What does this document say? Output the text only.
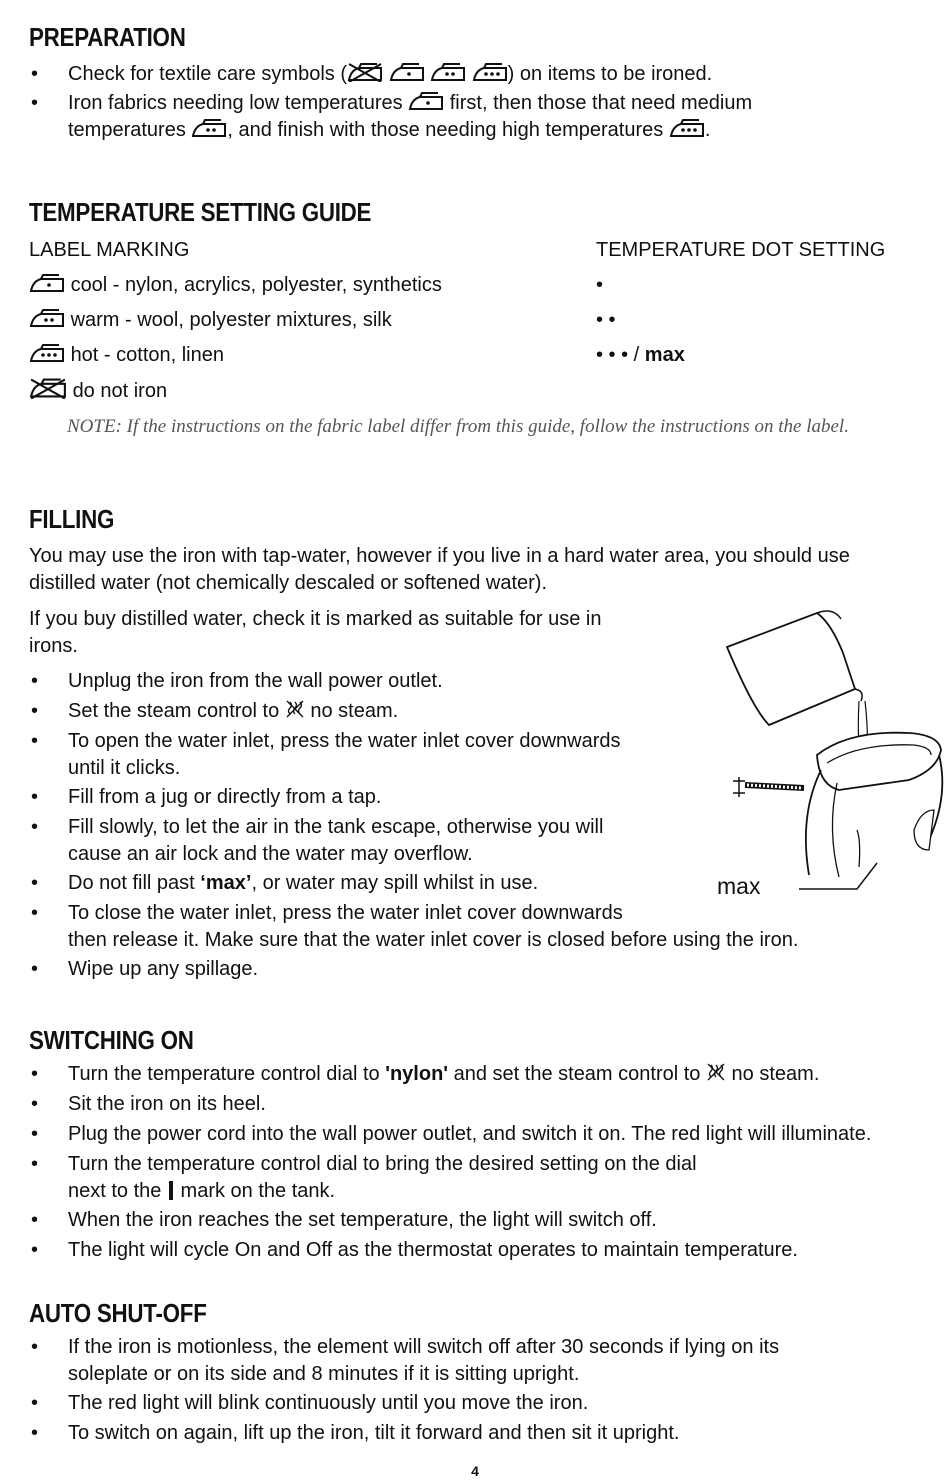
PREPARATION
• Check for textile care symbols (

	) on items to be ironed.
• Iron fabrics needing low temperatures first, then those that need medium
temperatures , and finish with those needing high temperatures .
TEMPERATURE SETTING GUIDE

LABEL MARKING	TEMPERATURE DOT SETTING

cool - nylon, acrylics, polyester, synthetics	•

warm - wool, polyester mixtures, silk	• •

hot - cotton, linen	• • • / max

do not iron

NOTE: If the instructions on the fabric label differ from this guide, follow the instructions on the label.

FILLING

You may use the iron with tap-water, however if you live in a hard water area, you should use
distilled water (not chemically descaled or softened water).

If you buy distilled water, check it is marked as suitable for use in
irons.

• Unplug the iron from the wall power outlet.
• Set the steam control to no steam.
• To open the water inlet, press the water inlet cover downwards
until it clicks.
• Fill from a jug or directly from a tap.
• Fill slowly, to let the air in the tank escape, otherwise you will
cause an air lock and the water may overflow.
• Do not fill past ‘max’, or water may spill whilst in use.
• To close the water inlet, press the water inlet cover downwards
then release it. Make sure that the water inlet cover is closed before using the iron.
• Wipe up any spillage.

max

SWITCHING ON
• Turn the temperature control dial to 'nylon' and set the steam control to no steam.
• Sit the iron on its heel.
• Plug the power cord into the wall power outlet, and switch it on. The red light will illuminate.
• Turn the temperature control dial to bring the desired setting on the dial
next to the mark on the tank.
• When the iron reaches the set temperature, the light will switch off.
• The light will cycle On and Off as the thermostat operates to maintain temperature.
AUTO SHUT-OFF
• If the iron is motionless, the element will switch off after 30 seconds if lying on its
soleplate or on its side and 8 minutes if it is sitting upright.
• The red light will blink continuously until you move the iron.
• To switch on again, lift up the iron, tilt it forward and then sit it upright.
4
